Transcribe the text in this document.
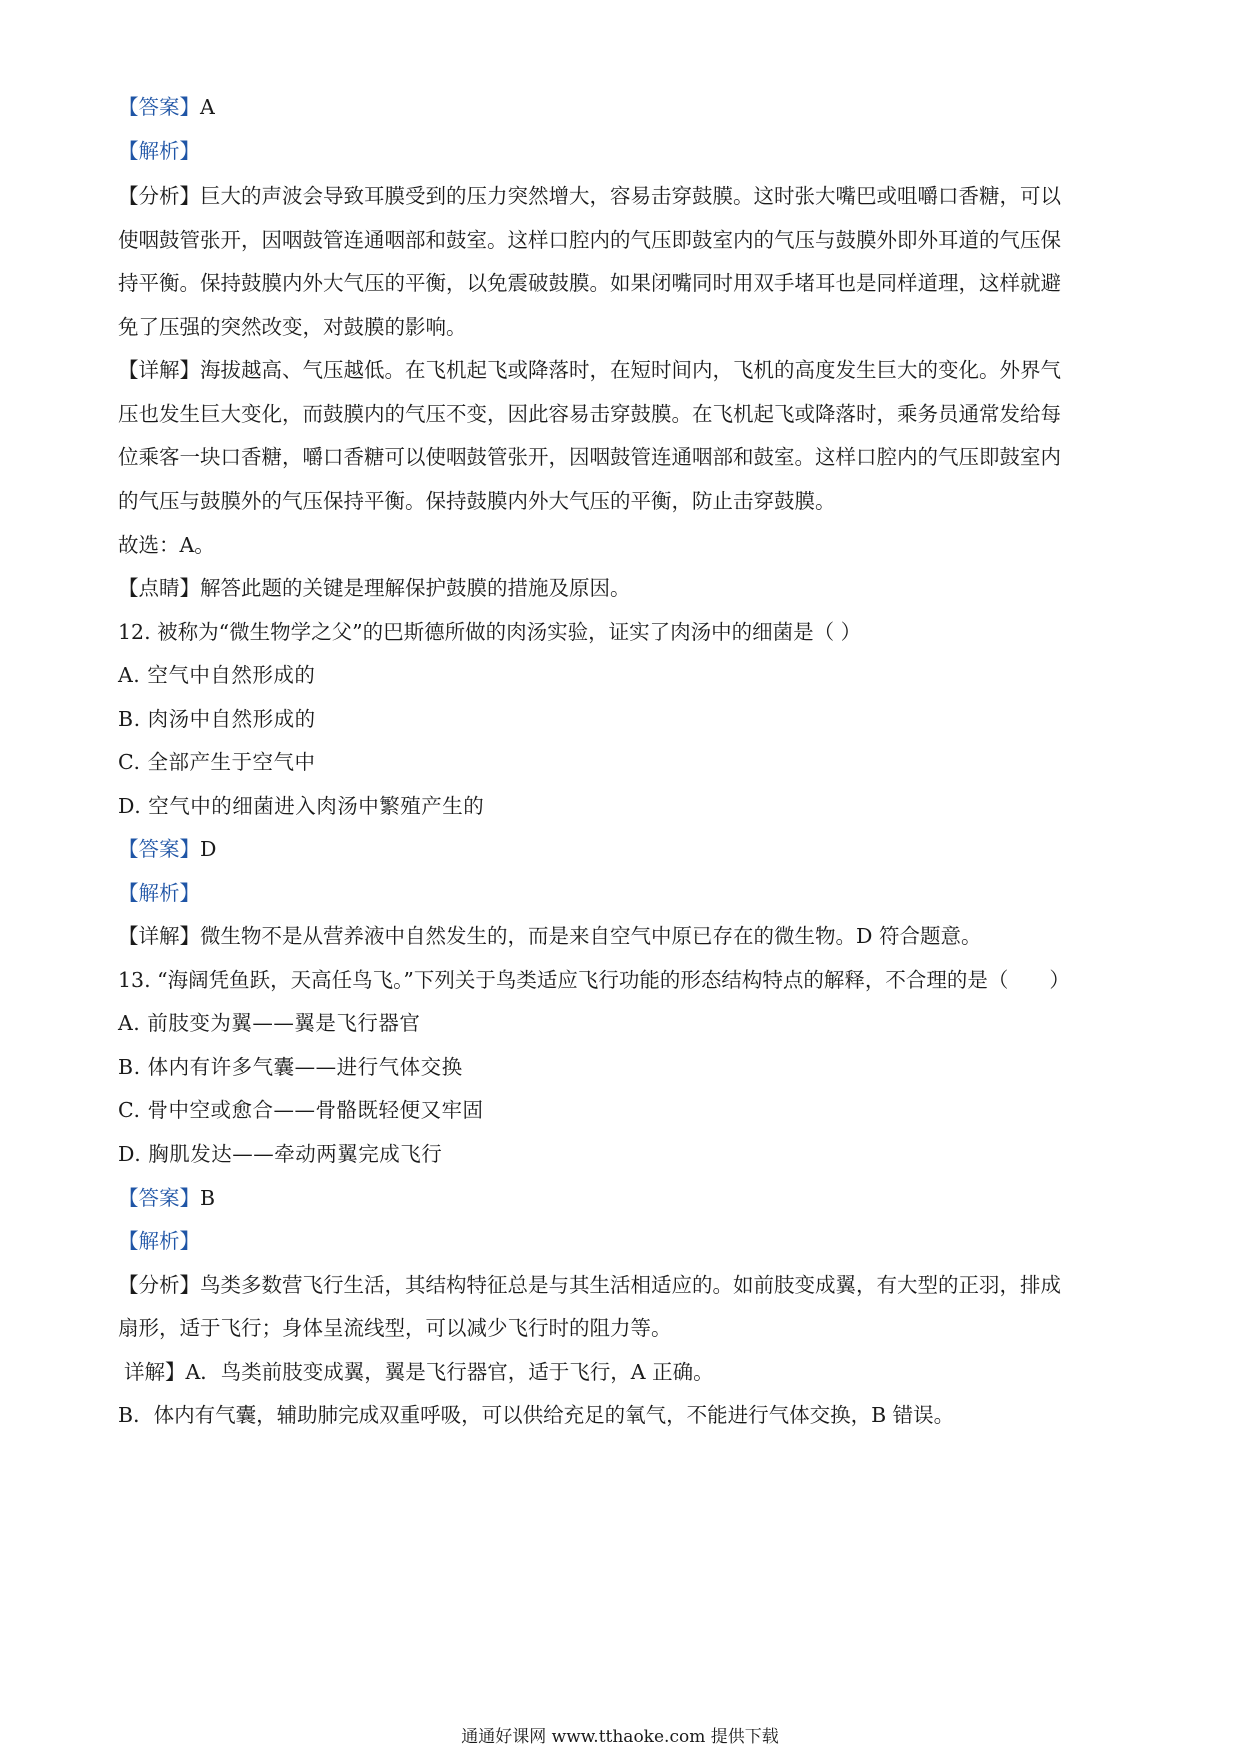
【答案】A
【解析】
【分析】巨大的声波会导致耳膜受到的压力突然增大，容易击穿鼓膜。这时张大嘴巴或咀嚼口香糖，可以
使咽鼓管张开，因咽鼓管连通咽部和鼓室。这样口腔内的气压即鼓室内的气压与鼓膜外即外耳道的气压保
持平衡。保持鼓膜内外大气压的平衡，以免震破鼓膜。如果闭嘴同时用双手堵耳也是同样道理，这样就避
免了压强的突然改变，对鼓膜的影响。
【详解】海拔越高、气压越低。在飞机起飞或降落时，在短时间内，飞机的高度发生巨大的变化。外界气
压也发生巨大变化，而鼓膜内的气压不变，因此容易击穿鼓膜。在飞机起飞或降落时，乘务员通常发给每
位乘客一块口香糖，嚼口香糖可以使咽鼓管张开，因咽鼓管连通咽部和鼓室。这样口腔内的气压即鼓室内
的气压与鼓膜外的气压保持平衡。保持鼓膜内外大气压的平衡，防止击穿鼓膜。
故选：A。
【点睛】解答此题的关键是理解保护鼓膜的措施及原因。
12. 被称为“微生物学之父”的巴斯德所做的肉汤实验，证实了肉汤中的细菌是（ ）
A. 空气中自然形成的
B. 肉汤中自然形成的
C. 全部产生于空气中
D. 空气中的细菌进入肉汤中繁殖产生的
【答案】D
【解析】
【详解】微生物不是从营养液中自然发生的，而是来自空气中原已存在的微生物。D 符合题意。
13. “海阔凭鱼跃，天高任鸟飞。”下列关于鸟类适应飞行功能的形态结构特点的解释，不合理的是（　　）
A. 前肢变为翼——翼是飞行器官
B. 体内有许多气囊——进行气体交换
C. 骨中空或愈合——骨骼既轻便又牢固
D. 胸肌发达——牵动两翼完成飞行
【答案】B
【解析】
【分析】鸟类多数营飞行生活，其结构特征总是与其生活相适应的。如前肢变成翼，有大型的正羽，排成
扇形，适于飞行；身体呈流线型，可以减少飞行时的阻力等。
详解】A．鸟类前肢变成翼，翼是飞行器官，适于飞行，A 正确。
B．体内有气囊，辅助肺完成双重呼吸，可以供给充足的氧气，不能进行气体交换，B 错误。
通通好课网 www.tthaoke.com 提供下载
